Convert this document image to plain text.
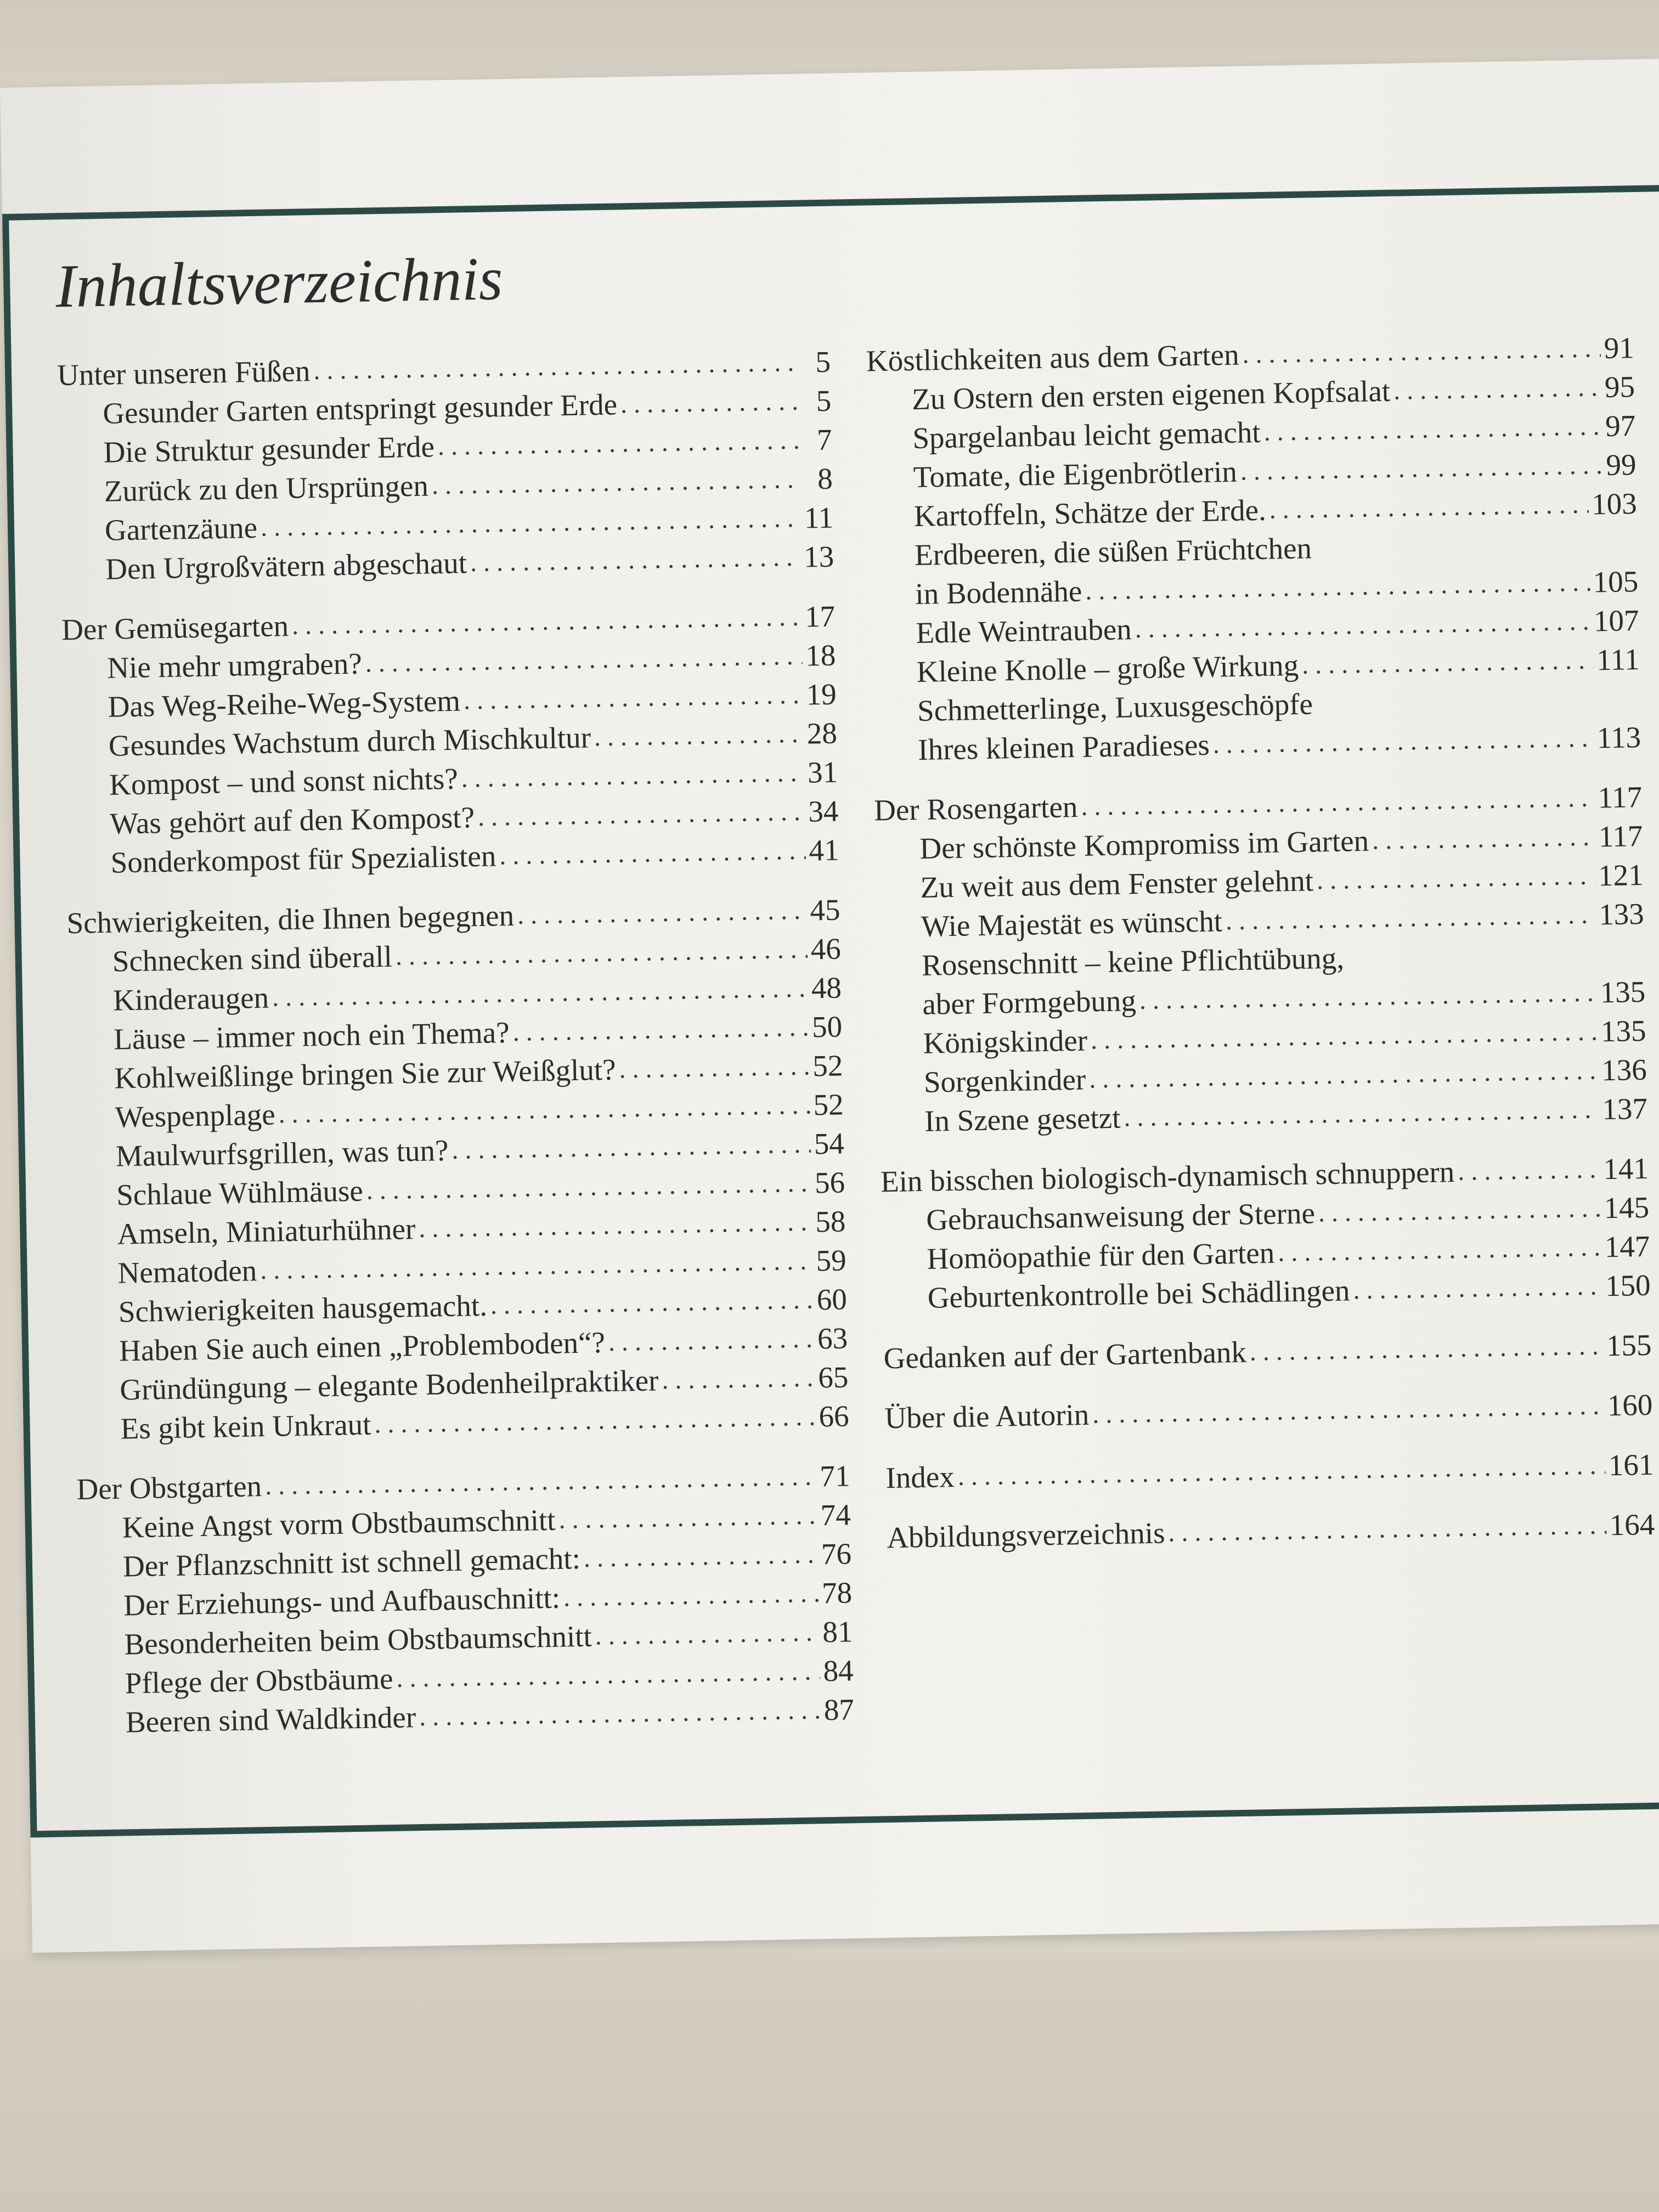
Inhaltsverzeichnis
Unter unseren Füßen .....	5
Gesunder Garten entspringt gesunder Erde .....	5
Die Struktur gesunder Erde .....	7
Zurück zu den Ursprüngen .....	8
Gartenzäune .....	11
Den Urgroßvätern abgeschaut .....	13
Der Gemüsegarten .....	17
Nie mehr umgraben? .....	18
Das Weg-Reihe-Weg-System .....	19
Gesundes Wachstum durch Mischkultur .....	28
Kompost – und sonst nichts? .....	31
Was gehört auf den Kompost? .....	34
Sonderkompost für Spezialisten .....	41
Schwierigkeiten, die Ihnen begegnen .....	45
Schnecken sind überall .....	46
Kinderaugen .....	48
Läuse – immer noch ein Thema? .....	50
Kohlweißlinge bringen Sie zur Weißglut? .....	52
Wespenplage .....	52
Maulwurfsgrillen, was tun? .....	54
Schlaue Wühlmäuse .....	56
Amseln, Miniaturhühner .....	58
Nematoden .....	59
Schwierigkeiten hausgemacht. .....	60
Haben Sie auch einen „Problemboden“? .....	63
Gründüngung – elegante Bodenheilpraktiker .....	65
Es gibt kein Unkraut .....	66
Der Obstgarten .....	71
Keine Angst vorm Obstbaumschnitt .....	74
Der Pflanzschnitt ist schnell gemacht: .....	76
Der Erziehungs- und Aufbauschnitt: .....	78
Besonderheiten beim Obstbaumschnitt .....	81
Pflege der Obstbäume .....	84
Beeren sind Waldkinder .....	87
Köstlichkeiten aus dem Garten .....	91
Zu Ostern den ersten eigenen Kopfsalat .....	95
Spargelanbau leicht gemacht .....	97
Tomate, die Eigenbrötlerin .....	99
Kartoffeln, Schätze der Erde. .....	103
Erdbeeren, die süßen Früchtchen
in Bodennähe .....	105
Edle Weintrauben .....	107
Kleine Knolle – große Wirkung .....	111
Schmetterlinge, Luxusgeschöpfe
Ihres kleinen Paradieses .....	113
Der Rosengarten .....	117
Der schönste Kompromiss im Garten .....	117
Zu weit aus dem Fenster gelehnt .....	121
Wie Majestät es wünscht .....	133
Rosenschnitt – keine Pflichtübung,
aber Formgebung .....	135
Königskinder .....	135
Sorgenkinder .....	136
In Szene gesetzt .....	137
Ein bisschen biologisch-dynamisch schnuppern .....	141
Gebrauchsanweisung der Sterne .....	145
Homöopathie für den Garten .....	147
Geburtenkontrolle bei Schädlingen .....	150
Gedanken auf der Gartenbank .....	155
Über die Autorin .....	160
Index .....	161
Abbildungsverzeichnis .....	164
